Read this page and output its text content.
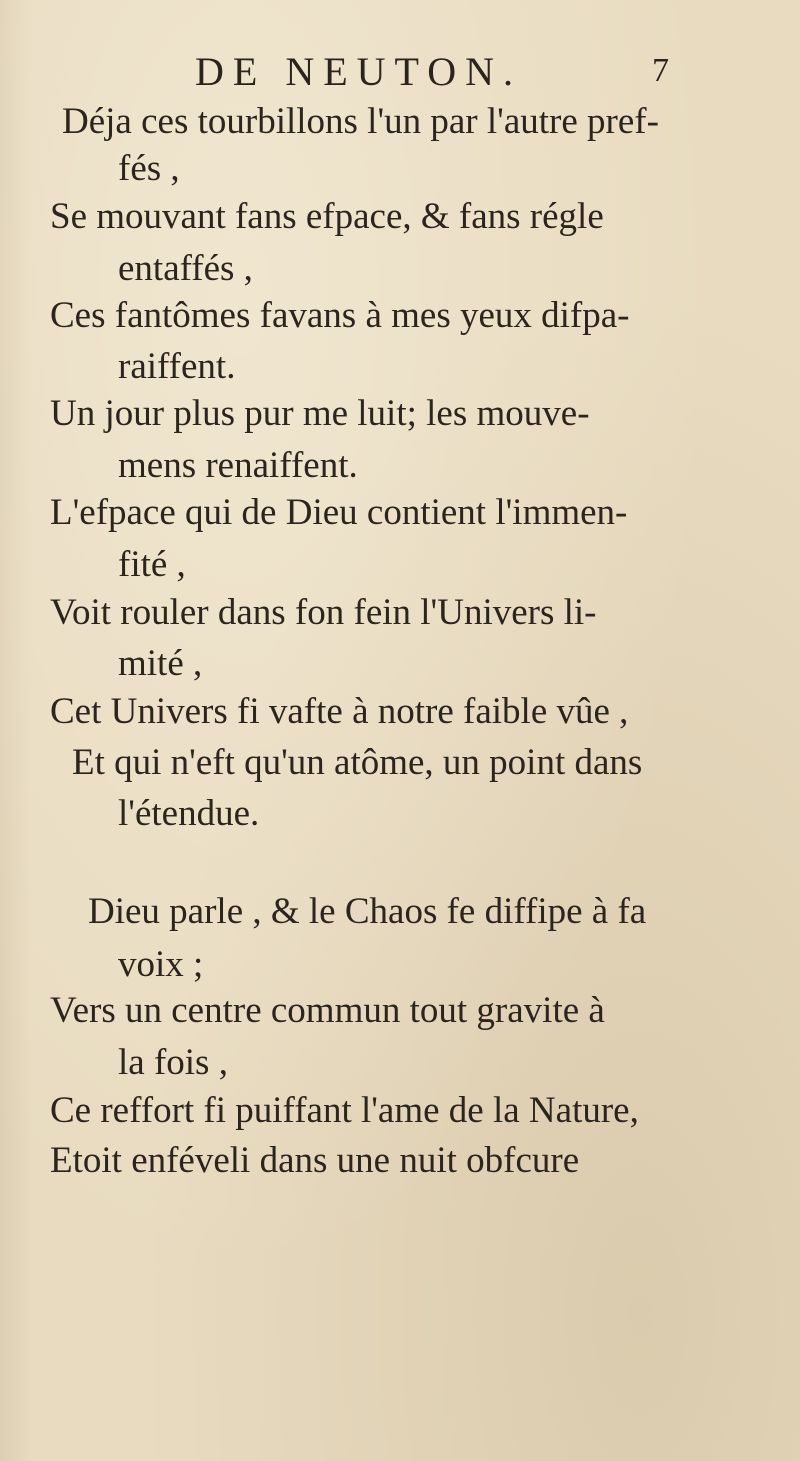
DE NEUTON.	7
Déja ces tourbillons l'un par l'autre pref-
fés ,
Se mouvant fans efpace, & fans régle
entaffés ,
Ces fantômes favans à mes yeux difpa-
raiffent.
Un jour plus pur me luit; les mouve-
mens renaiffent.
L'efpace qui de Dieu contient l'immen-
fité ,
Voit rouler dans fon fein l'Univers li-
mité ,
Cet Univers fi vafte à notre faible vûe ,
Et qui n'eft qu'un atôme, un point dans
l'étendue.
Dieu parle , & le Chaos fe diffipe à fa
voix ;
Vers un centre commun tout gravite à
la fois ,
Ce reffort fi puiffant l'ame de la Nature,
Etoit enféveli dans une nuit obfcure
